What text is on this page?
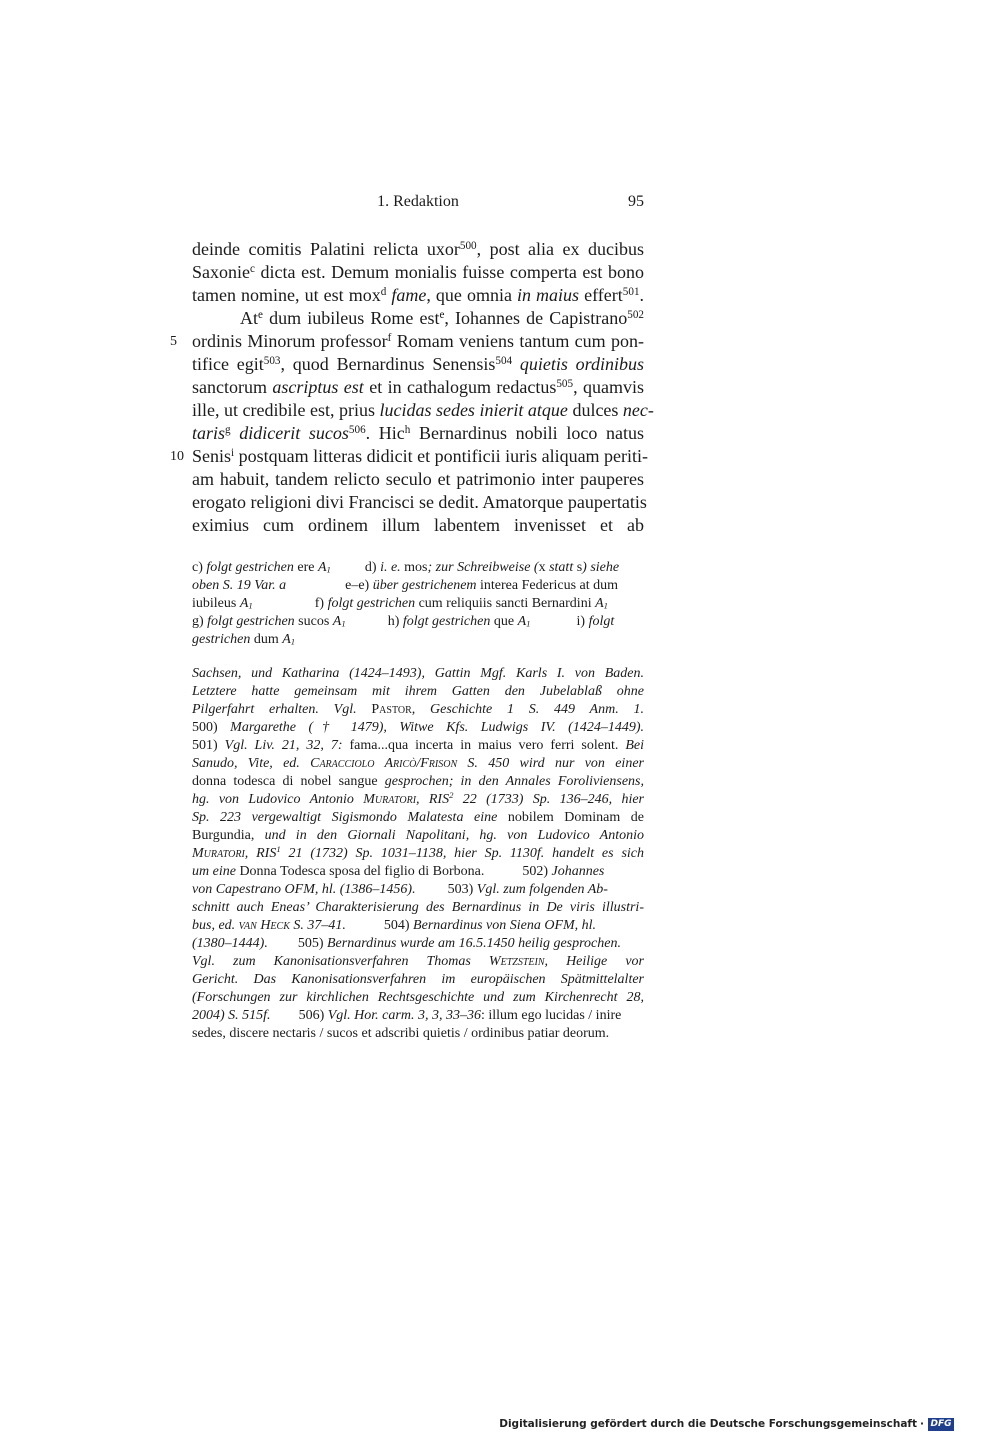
1. Redaktion	95
deinde comitis Palatini relicta uxor$^{500}$, post alia ex ducibus
Saxonie$^c$ dicta est. Demum monialis fuisse comperta est bono
tamen nomine, ut est mox$^d$ fame, que omnia in maius effert$^{501}$.
At$^e$ dum iubileus Rome est$^e$, Iohannes de Capistrano$^{502}$
ordinis Minorum professor$^f$ Romam veniens tantum cum pon-
tifice egit$^{503}$, quod Bernardinus Senensis$^{504}$ quietis ordinibus
sanctorum ascriptus est et in cathalogum redactus$^{505}$, quamvis
ille, ut credibile est, prius lucidas sedes inierit atque dulces nec-
taris$^g$ didicerit sucos$^{506}$. Hic$^h$ Bernardinus nobili loco natus
Senis$^i$ postquam litteras didicit et pontificii iuris aliquam periti-
am habuit, tandem relicto seculo et patrimonio inter pauperes
erogato religioni divi Francisci se dedit. Amatorque paupertatis
eximius cum ordinem illum labentem invenisset et ab
5
10
c) folgt gestrichen ere $A_1$ d) i. e. mos; zur Schreibweise (x statt s) siehe
oben S. 19 Var. a	e–e) über gestrichenem interea Federicus at dum
iubileus $A_1$	f) folgt gestrichen cum reliquiis sancti Bernardini $A_1$
g) folgt gestrichen sucos $A_1$	h) folgt gestrichen que $A_1$	i) folgt
gestrichen dum $A_1$
Sachsen, und Katharina (1424–1493), Gattin Mgf. Karls I. von Baden.
Letztere hatte gemeinsam mit ihrem Gatten den Jubelablaß ohne
Pilgerfahrt erhalten. Vgl. Pastor, Geschichte 1 S. 449 Anm. 1.
500) Margarethe († 1479), Witwe Kfs. Ludwigs IV. (1424–1449).
501) Vgl. Liv. 21, 32, 7: fama...qua incerta in maius vero ferri solent. Bei
Sanudo, Vite, ed. Caracciolo Aricò/Frison S. 450 wird nur von einer
donna todesca di nobel sangue gesprochen; in den Annales Foroliviensens,
hg. von Ludovico Antonio Muratori, RIS$^2$ 22 (1733) Sp. 136–246, hier
Sp. 223 vergewaltigt Sigismondo Malatesta eine nobilem Dominam de
Burgundia, und in den Giornali Napolitani, hg. von Ludovico Antonio
Muratori, RIS$^1$ 21 (1732) Sp. 1031–1138, hier Sp. 1130f. handelt es sich
um eine Donna Todesca sposa del figlio di Borbona.	502) Johannes
von Capestrano OFM, hl. (1386–1456). 503) Vgl. zum folgenden Ab-
schnitt auch Eneas’ Charakterisierung des Bernardinus in De viris illustri-
bus, ed. van Heck S. 37–41.	504) Bernardinus von Siena OFM, hl.
(1380–1444). 505) Bernardinus wurde am 16.5.1450 heilig gesprochen.
Vgl. zum Kanonisationsverfahren Thomas Wetzstein, Heilige vor
Gericht. Das Kanonisationsverfahren im europäischen Spätmittelalter
(Forschungen zur kirchlichen Rechtsgeschichte und zum Kirchenrecht 28,
2004) S. 515f. 506) Vgl. Hor. carm. 3, 3, 33–36: illum ego lucidas / inire
sedes, discere nectaris / sucos et adscribi quietis / ordinibus patiar deorum.
Digitalisierung gefördert durch die Deutsche Forschungsgemeinschaft · DFG
